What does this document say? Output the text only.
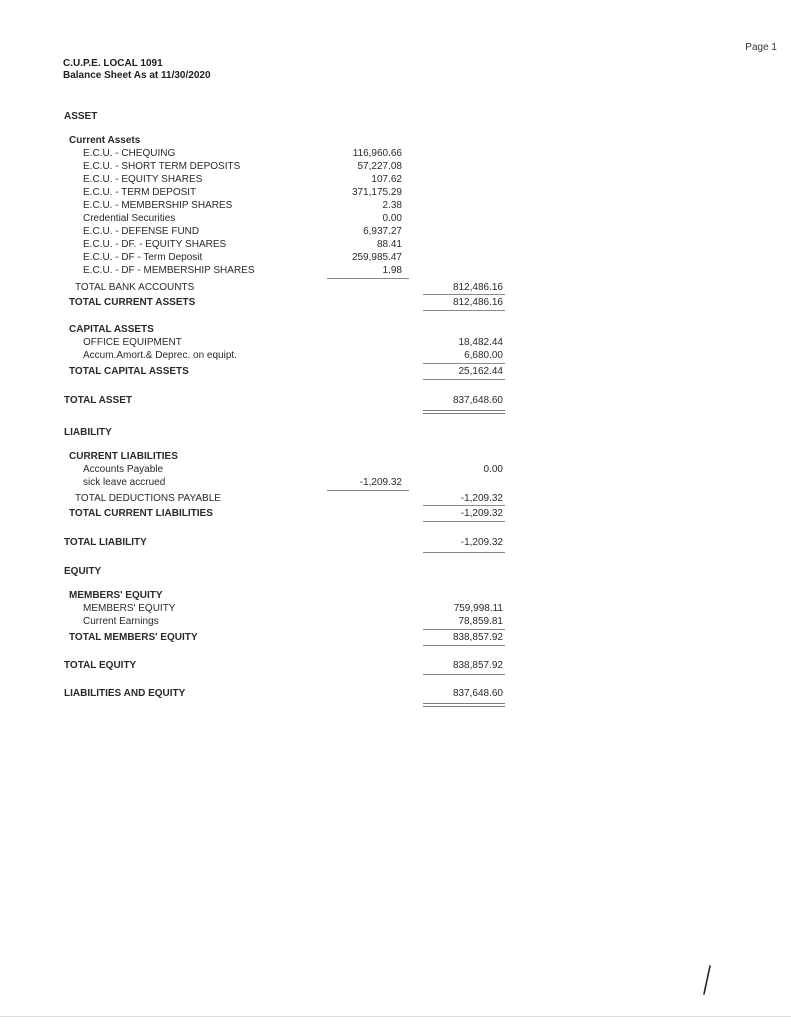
Page 1
C.U.P.E. LOCAL 1091
Balance Sheet As at 11/30/2020
ASSET
Current Assets
E.C.U. - CHEQUING	116,960.66
E.C.U. - SHORT TERM DEPOSITS	57,227.08
E.C.U. - EQUITY SHARES	107.62
E.C.U. - TERM DEPOSIT	371,175.29
E.C.U. - MEMBERSHIP SHARES	2.38
Credential Securities	0.00
E.C.U. - DEFENSE FUND	6,937.27
E.C.U. - DF. - EQUITY SHARES	88.41
E.C.U. - DF - Term Deposit	259,985.47
E.C.U. - DF - MEMBERSHIP SHARES	1.98
TOTAL BANK ACCOUNTS	812,486.16
TOTAL CURRENT ASSETS	812,486.16
CAPITAL ASSETS
OFFICE EQUIPMENT	18,482.44
Accum.Amort.& Deprec. on equipt.	6,680.00
TOTAL CAPITAL ASSETS	25,162.44
TOTAL ASSET	837,648.60
LIABILITY
CURRENT LIABILITIES
Accounts Payable	0.00
sick leave accrued	-1,209.32
TOTAL DEDUCTIONS PAYABLE	-1,209.32
TOTAL CURRENT LIABILITIES	-1,209.32
TOTAL LIABILITY	-1,209.32
EQUITY
MEMBERS' EQUITY
MEMBERS' EQUITY	759,998.11
Current Earnings	78,859.81
TOTAL MEMBERS' EQUITY	838,857.92
TOTAL EQUITY	838,857.92
LIABILITIES AND EQUITY	837,648.60
